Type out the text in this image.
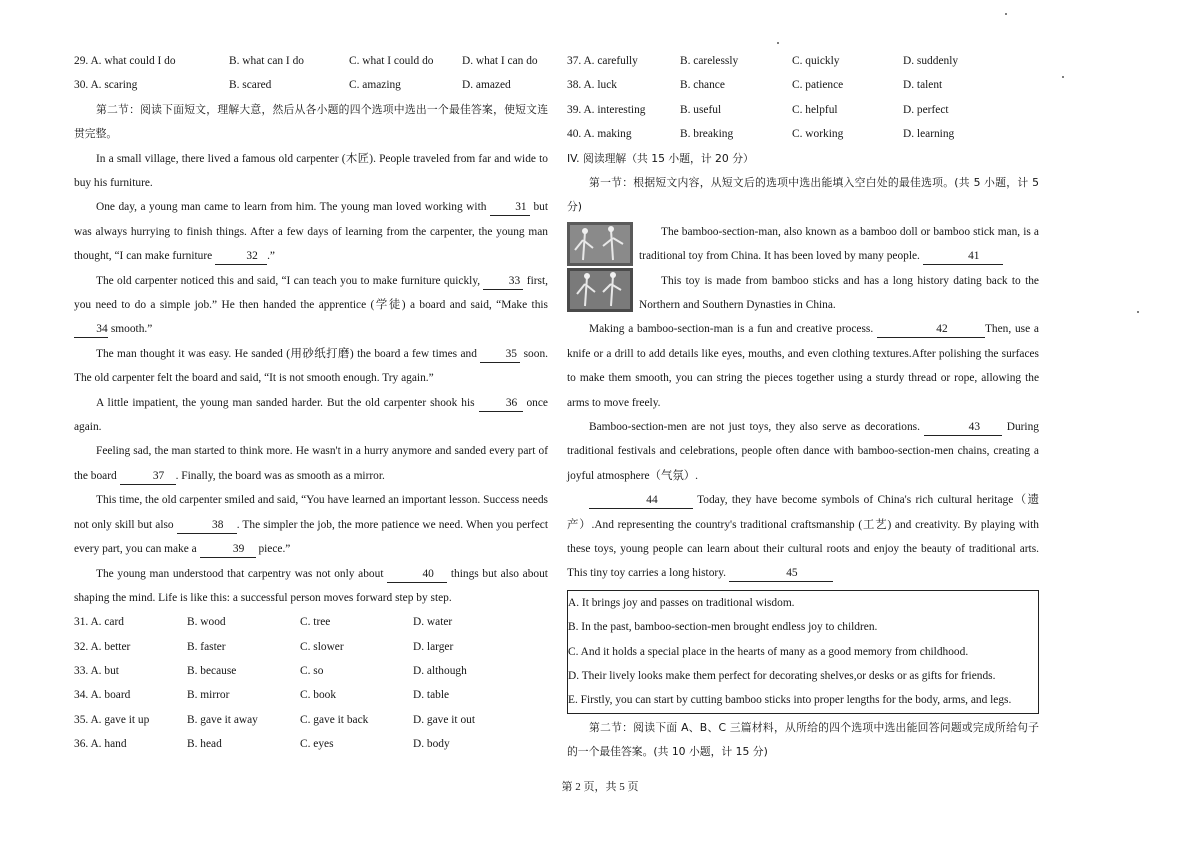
29. A. what could I do	B. what can I do	C. what I could do	D. what I can do
30. A. scaring	B. scared	C. amazing	D. amazed

第二节：阅读下面短文，理解大意，然后从各小题的四个选项中选出一个最佳答案，使短文连贯完整。

In a small village, there lived a famous old carpenter (木匠). People traveled from far and wide to buy his furniture.

One day, a young man came to learn from him. The young man loved working with	31 but was always hurrying to finish things. After a few days of learning from the carpenter, the young man thought, “I can make furniture	32 .”

The old carpenter noticed this and said, “I can teach you to make furniture quickly,	33 first, you need to do a simple job.” He then handed the apprentice (学徒) a board and said, “Make this 34 smooth.”

The man thought it was easy. He sanded (用砂纸打磨) the board a few times and	35 soon. The old carpenter felt the board and said, “It is not smooth enough. Try again.”

A little impatient, the young man sanded harder. But the old carpenter shook his	36 once again.

Feeling sad, the man started to think more. He wasn't in a hurry anymore and sanded every part of the board	37 . Finally, the board was as smooth as a mirror.

This time, the old carpenter smiled and said, “You have learned an important lesson. Success needs not only skill but also	38 . The simpler the job, the more patience we need. When you perfect every part, you can make a	39 piece.”

The young man understood that carpentry was not only about	40 things but also about shaping the mind. Life is like this: a successful person moves forward step by step.

31. A. card	B. wood	C. tree	D. water
32. A. better	B. faster	C. slower	D. larger
33. A. but	B. because	C. so	D. although
34. A. board	B. mirror	C. book	D. table
35. A. gave it up	B. gave it away	C. gave it back	D. gave it out
36. A. hand	B. head	C. eyes	D. body
37. A. carefully	B. carelessly	C. quickly	D. suddenly
38. A. luck	B. chance	C. patience	D. talent
39. A. interesting	B. useful	C. helpful	D. perfect
40. A. making	B. breaking	C. working	D. learning

IV. 阅读理解（共 15 小题，计 20 分）

第一节：根据短文内容，从短文后的选项中选出能填入空白处的最佳选项。(共 5 小题，计 5 分)

The bamboo-section-man, also known as a bamboo doll or bamboo stick man, is a traditional toy from China. It has been loved by many people.	41

This toy is made from bamboo sticks and has a long history dating back to the Northern and Southern Dynasties in China.

Making a bamboo-section-man is a fun and creative process.	42	Then, use a knife or a drill to add details like eyes, mouths, and even clothing textures.After polishing the surfaces to make them smooth, you can string the pieces together using a sturdy thread or rope, allowing the arms to move freely.

Bamboo-section-men are not just toys, they also serve as decorations.	43 During traditional festivals and celebrations, people often dance with bamboo-section-men chains, creating a joyful atmosphere（气氛）.

44	Today, they have become symbols of China's rich cultural heritage（遗产）.And representing the country's traditional craftsmanship (工艺) and creativity. By playing with these toys, young people can learn about their cultural roots and enjoy the beauty of traditional arts. This tiny toy carries a long history.	45

A. It brings joy and passes on traditional wisdom.

B. In the past, bamboo-section-men brought endless joy to children.

C. And it holds a special place in the hearts of many as a good memory from childhood.

D. Their lively looks make them perfect for decorating shelves,or desks or as gifts for friends.

E. Firstly, you can start by cutting bamboo sticks into proper lengths for the body, arms, and legs.

第二节：阅读下面 A、B、C 三篇材料，从所给的四个选项中选出能回答问题或完成所给句子的一个最佳答案。(共 10 小题，计 15 分)

第 2 页，共 5 页
